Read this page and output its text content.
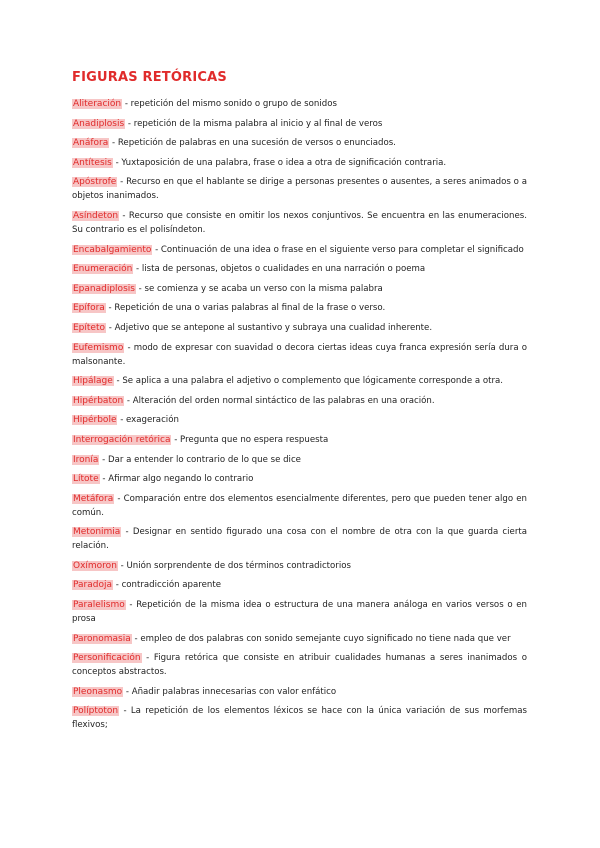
FIGURAS RETÓRICAS

Aliteración - repetición del mismo sonido o grupo de sonidos

Anadiplosis - repetición de la misma palabra al inicio y al final de veros

Anáfora - Repetición de palabras en una sucesión de versos o enunciados.

Antítesis - Yuxtaposición de una palabra, frase o idea a otra de significación contraria.

Apóstrofe - Recurso en que el hablante se dirige a personas presentes o ausentes, a seres animados o a objetos inanimados.

Asíndeton - Recurso que consiste en omitir los nexos conjuntivos. Se encuentra en las enumeraciones. Su contrario es el polisíndeton.

Encabalgamiento - Continuación de una idea o frase en el siguiente verso para completar el significado

Enumeración - lista de personas, objetos o cualidades en una narración o poema

Epanadiplosis - se comienza y se acaba un verso con la misma palabra

Epífora - Repetición de una o varias palabras al final de la frase o verso.

Epíteto - Adjetivo que se antepone al sustantivo y subraya una cualidad inherente.

Eufemismo - modo de expresar con suavidad o decora ciertas ideas cuya franca expresión sería dura o malsonante.

Hipálage - Se aplica a una palabra el adjetivo o complemento que lógicamente corresponde a otra.

Hipérbaton - Alteración del orden normal sintáctico de las palabras en una oración.

Hipérbole - exageración

Interrogación retórica - Pregunta que no espera respuesta

Ironía - Dar a entender lo contrario de lo que se dice

Lítote - Afirmar algo negando lo contrario

Metáfora - Comparación entre dos elementos esencialmente diferentes, pero que pueden tener algo en común.

Metonimia - Designar en sentido figurado una cosa con el nombre de otra con la que guarda cierta relación.

Oxímoron - Unión sorprendente de dos términos contradictorios

Paradoja - contradicción aparente

Paralelismo - Repetición de la misma idea o estructura de una manera análoga en varios versos o en prosa

Paronomasia - empleo de dos palabras con sonido semejante cuyo significado no tiene nada que ver

Personificación - Figura retórica que consiste en atribuir cualidades humanas a seres inanimados o conceptos abstractos.

Pleonasmo - Añadir palabras innecesarias con valor enfático

Políptoton - La repetición de los elementos léxicos se hace con la única variación de sus morfemas flexivos;
